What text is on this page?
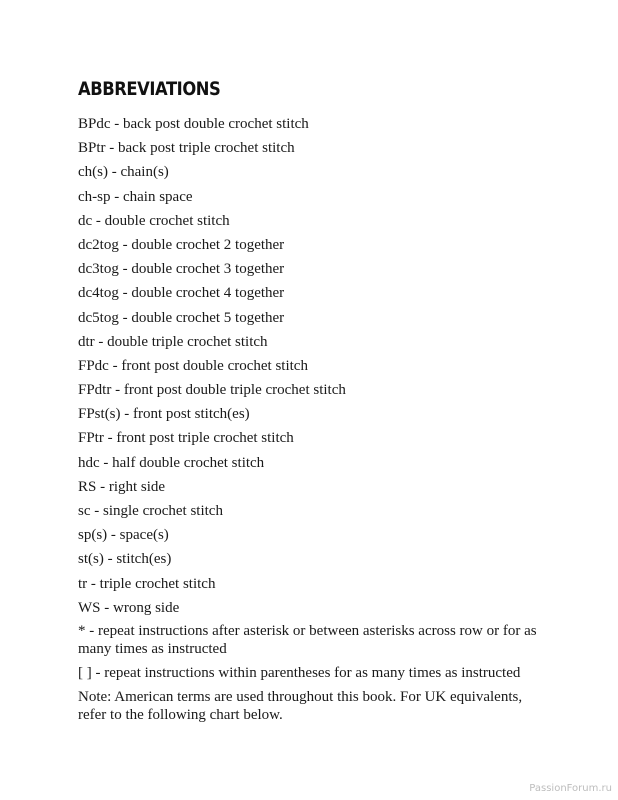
ABBREVIATIONS
BPdc - back post double crochet stitch
BPtr - back post triple crochet stitch
ch(s) - chain(s)
ch-sp - chain space
dc - double crochet stitch
dc2tog - double crochet 2 together
dc3tog - double crochet 3 together
dc4tog - double crochet 4 together
dc5tog - double crochet 5 together
dtr - double triple crochet stitch
FPdc - front post double crochet stitch
FPdtr - front post double triple crochet stitch
FPst(s) - front post stitch(es)
FPtr - front post triple crochet stitch
hdc - half double crochet stitch
RS - right side
sc - single crochet stitch
sp(s) - space(s)
st(s) - stitch(es)
tr - triple crochet stitch
WS - wrong side

* - repeat instructions after asterisk or between asterisks across row or for as many times as instructed

[ ] - repeat instructions within parentheses for as many times as instructed

Note: American terms are used throughout this book. For UK equivalents, refer to the following chart below.

PassionForum.ru
